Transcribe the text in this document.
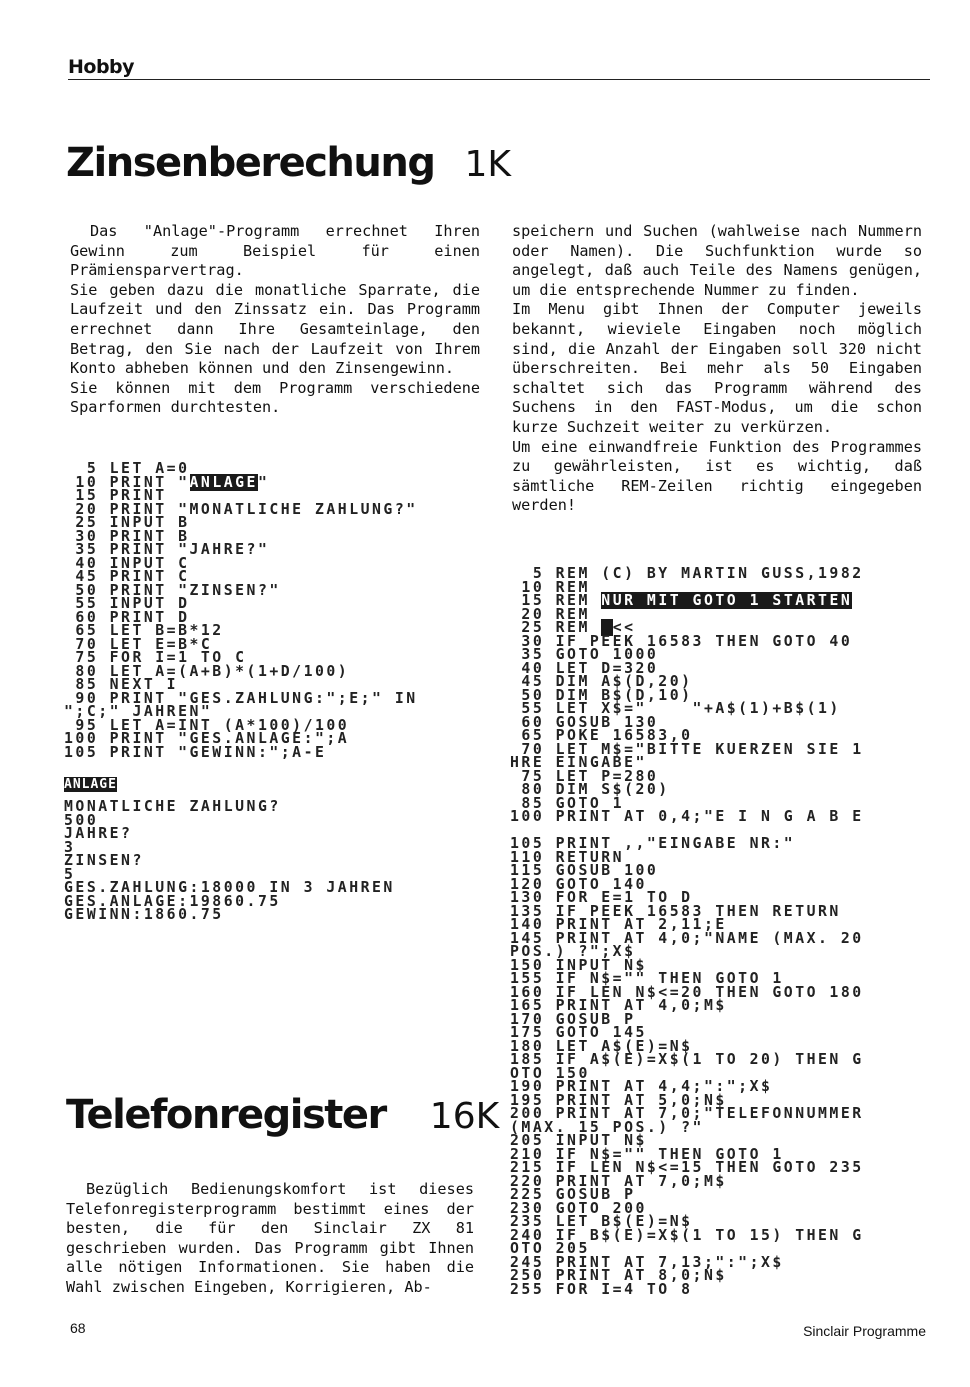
Hobby
Zinsenberechung 1K

Das "Anlage"-Programm errechnet Ihren Gewinn zum Beispiel für einen Prämiensparvertrag.

Sie geben dazu die monatliche Sparrate, die Laufzeit und den Zinssatz ein. Das Programm errechnet dann Ihre Gesamteinlage, den Betrag, den Sie nach der Laufzeit von Ihrem Konto abheben können und den Zinsengewinn.

Sie können mit dem Programm verschiedene Sparformen durchtesten.

5 LET A=0
10 PRINT "ANLAGE"
15 PRINT
20 PRINT "MONATLICHE ZAHLUNG?"
25 INPUT B
30 PRINT B
35 PRINT "JAHRE?"
40 INPUT C
45 PRINT C
50 PRINT "ZINSEN?"
55 INPUT D
60 PRINT D
65 LET B=B*12
70 LET E=B*C
75 FOR I=1 TO C
80 LET A=(A+B)*(1+D/100)
85 NEXT I
90 PRINT "GES.ZAHLUNG:";E;" IN
";C;" JAHREN"
95 LET A=INT (A*100)/100
100 PRINT "GES.ANLAGE:";A
105 PRINT "GEWINN:";A-E

ANLAGE
MONATLICHE ZAHLUNG?
500
JAHRE?
3
ZINSEN?
5
GES.ZAHLUNG:18000 IN 3 JAHREN
GES.ANLAGE:19860.75
GEWINN:1860.75

Telefonregister 16K

Bezüglich Bedienungskomfort ist dieses Telefonregisterprogramm bestimmt eines der besten, die für den Sinclair ZX 81 geschrieben wurden. Das Programm gibt Ihnen alle nötigen Informationen. Sie haben die Wahl zwischen Eingeben, Korrigieren, Ab-

speichern und Suchen (wahlweise nach Nummern oder Namen). Die Suchfunktion wurde so angelegt, daß auch Teile des Namens genügen, um die entsprechende Nummer zu finden.

Im Menu gibt Ihnen der Computer jeweils bekannt, wieviele Eingaben noch möglich sind, die Anzahl der Eingaben soll 320 nicht überschreiten. Bei mehr als 50 Eingaben schaltet sich das Programm während des Suchens in den FAST-Modus, um die schon kurze Suchzeit weiter zu verkürzen.

Um eine einwandfreie Funktion des Programmes zu gewährleisten, ist es wichtig, daß sämtliche REM-Zeilen richtig eingegeben werden!

5 REM (C) BY MARTIN GUSS,1982
10 REM
15 REM NUR MIT GOTO 1 STARTEN
20 REM
25 REM  <<
30 IF PEEK 16583 THEN GOTO 40
35 GOTO 1000
40 LET D=320
45 DIM A$(D,20)
50 DIM B$(D,10)
55 LET X$="    "+A$(1)+B$(1)
60 GOSUB 130
65 POKE 16583,0
70 LET M$="BITTE KUERZEN SIE 1
HRE EINGABE"
75 LET P=280
80 DIM S$(20)
85 GOTO 1
100 PRINT AT 0,4;"E I N G A B E

105 PRINT ,,"EINGABE NR:"
110 RETURN
115 GOSUB 100
120 GOTO 140
130 FOR E=1 TO D
135 IF PEEK 16583 THEN RETURN
140 PRINT AT 2,11;E
145 PRINT AT 4,0;"NAME (MAX. 20
POS.) ?";X$
150 INPUT N$
155 IF N$="" THEN GOTO 1
160 IF LEN N$<=20 THEN GOTO 180
165 PRINT AT 4,0;M$
170 GOSUB P
175 GOTO 145
180 LET A$(E)=N$
185 IF A$(E)=X$(1 TO 20) THEN G
OTO 150
190 PRINT AT 4,4;":";X$
195 PRINT AT 5,0;N$
200 PRINT AT 7,0;"TELEFONNUMMER
(MAX. 15 POS.) ?"
205 INPUT N$
210 IF N$="" THEN GOTO 1
215 IF LEN N$<=15 THEN GOTO 235
220 PRINT AT 7,0;M$
225 GOSUB P
230 GOTO 200
235 LET B$(E)=N$
240 IF B$(E)=X$(1 TO 15) THEN G
OTO 205
245 PRINT AT 7,13;":";X$
250 PRINT AT 8,0;N$
255 FOR I=4 TO 8

68	Sinclair Programme
